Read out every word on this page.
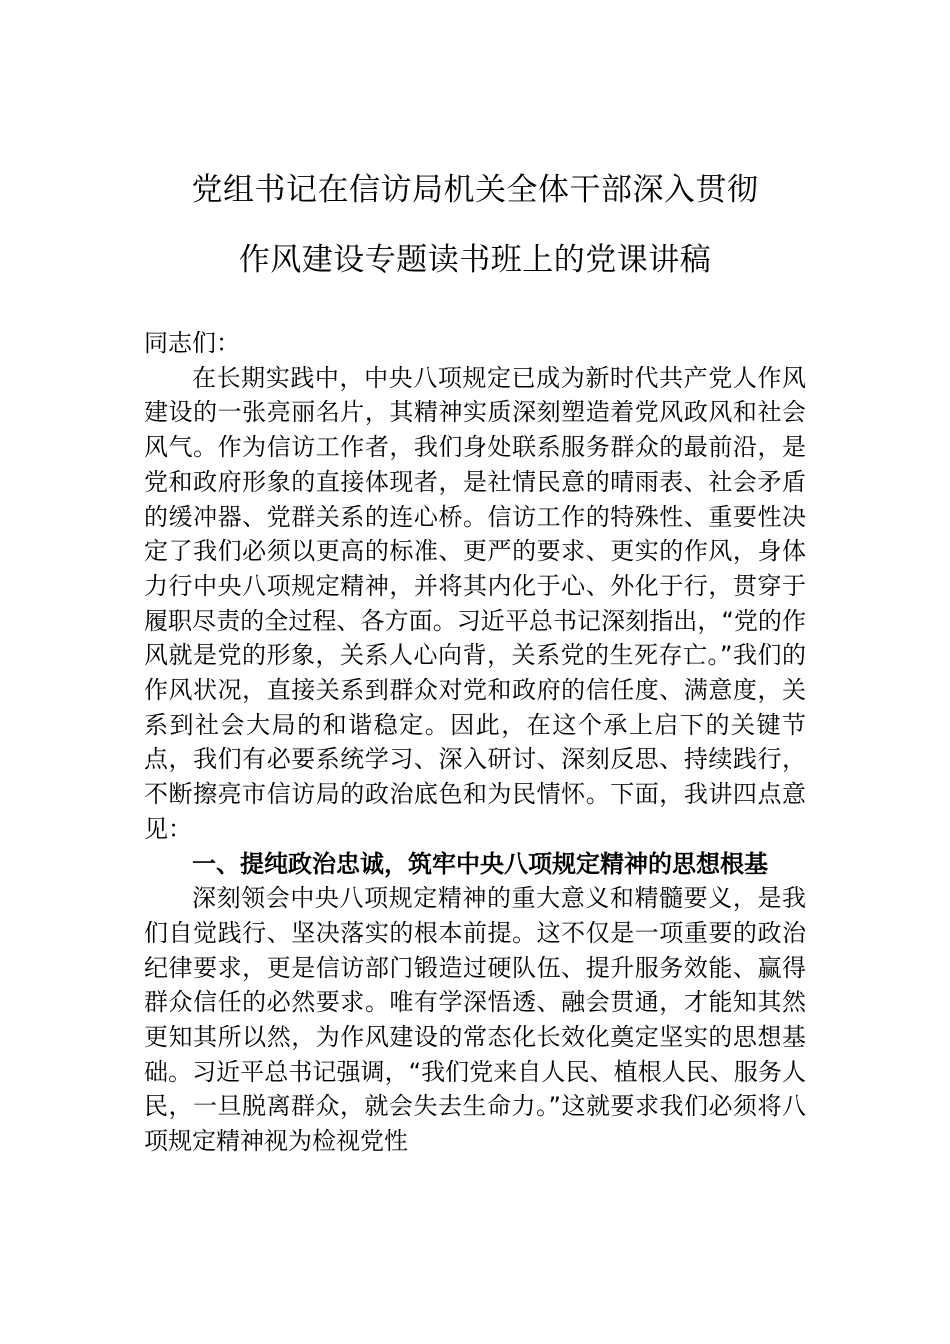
党组书记在信访局机关全体干部深入贯彻
作风建设专题读书班上的党课讲稿

同志们：

在长期实践中，中央八项规定已成为新时代共产党人作风建设的一张亮丽名片，其精神实质深刻塑造着党风政风和社会风气。作为信访工作者，我们身处联系服务群众的最前沿，是党和政府形象的直接体现者，是社情民意的晴雨表、社会矛盾的缓冲器、党群关系的连心桥。信访工作的特殊性、重要性决定了我们必须以更高的标准、更严的要求、更实的作风，身体力行中央八项规定精神，并将其内化于心、外化于行，贯穿于履职尽责的全过程、各方面。习近平总书记深刻指出，“党的作风就是党的形象，关系人心向背，关系党的生死存亡。”我们的作风状况，直接关系到群众对党和政府的信任度、满意度，关系到社会大局的和谐稳定。因此，在这个承上启下的关键节点，我们有必要系统学习、深入研讨、深刻反思、持续践行，不断擦亮市信访局的政治底色和为民情怀。下面，我讲四点意见：

一、提纯政治忠诚，筑牢中央八项规定精神的思想根基

深刻领会中央八项规定精神的重大意义和精髓要义，是我们自觉践行、坚决落实的根本前提。这不仅是一项重要的政治纪律要求，更是信访部门锻造过硬队伍、提升服务效能、赢得群众信任的必然要求。唯有学深悟透、融会贯通，才能知其然更知其所以然，为作风建设的常态化长效化奠定坚实的思想基础。习近平总书记强调，“我们党来自人民、植根人民、服务人民，一旦脱离群众，就会失去生命力。”这就要求我们必须将八项规定精神视为检视党性
